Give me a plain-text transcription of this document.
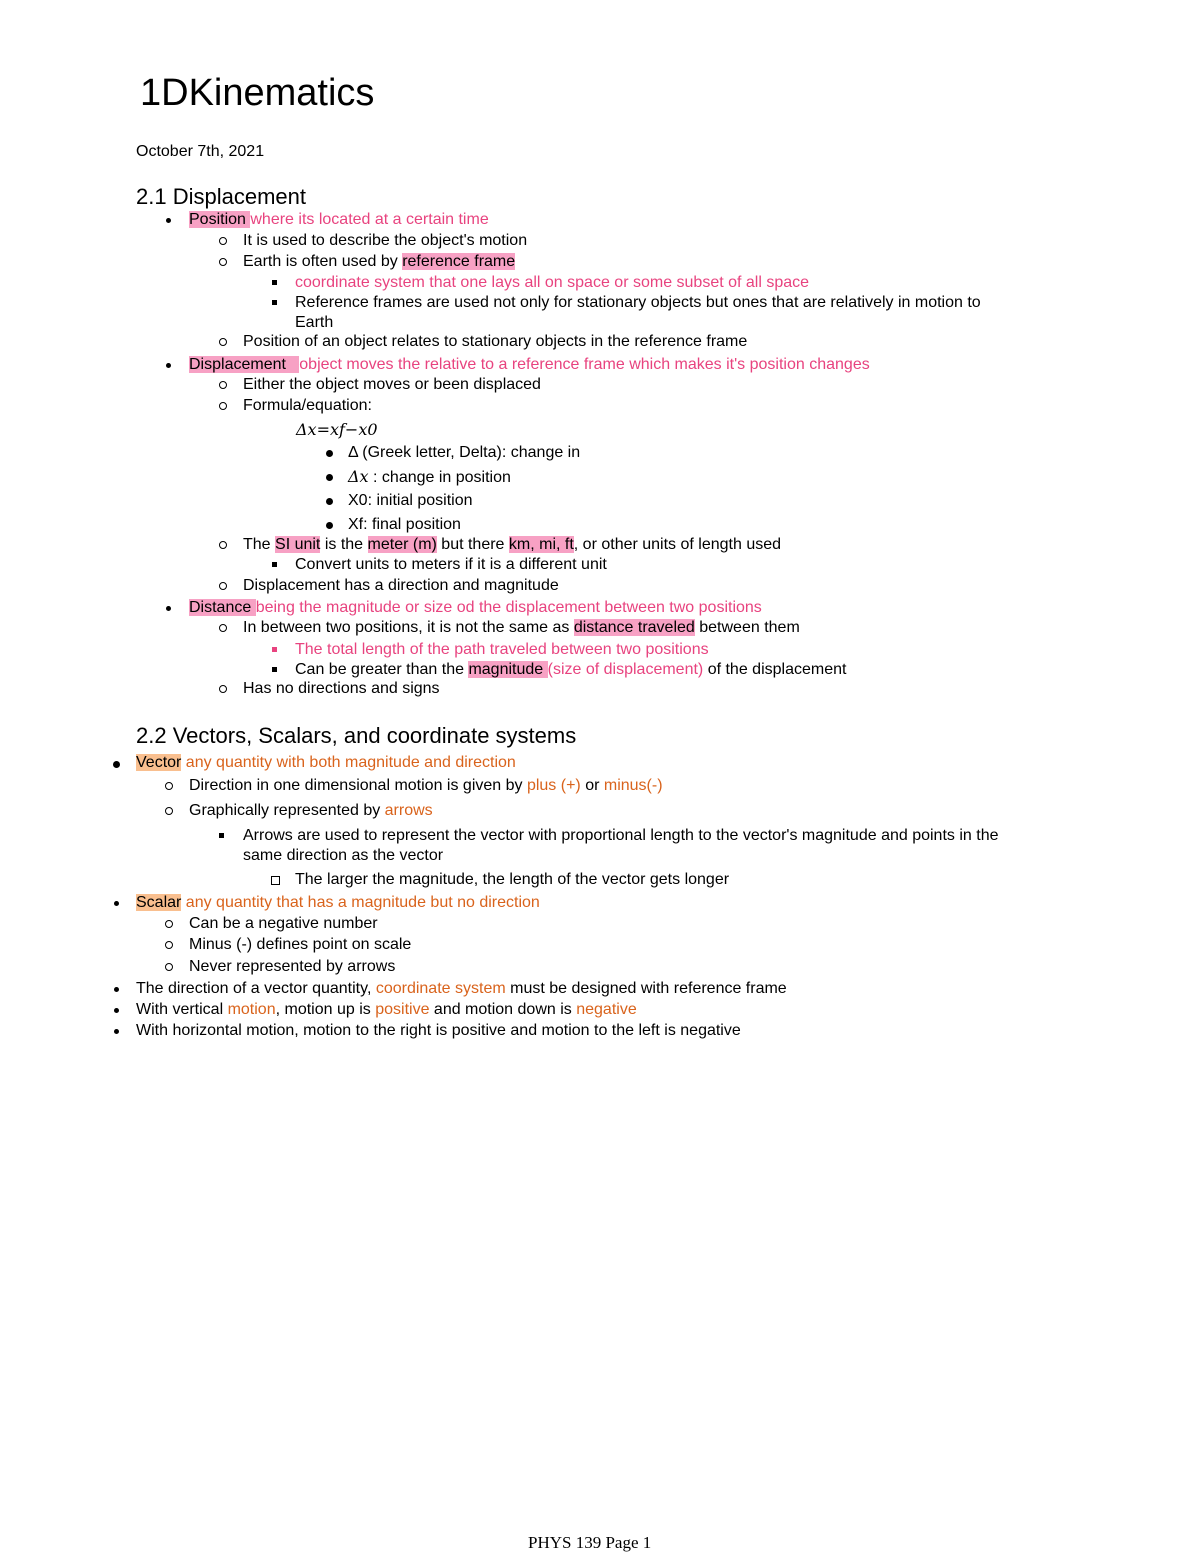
1DKinematics
October 7th, 2021
2.1 Displacement
Position where its located at a certain time
It is used to describe the object's motion
Earth is often used by reference frame
coordinate system that one lays all on space or some subset of all space
Reference frames are used not only for stationary objects but ones that are relatively in motion to
Earth
Position of an object relates to stationary objects in the reference frame
Displacement   object moves the relative to a reference frame which makes it's position changes
Either the object moves or been displaced
Formula/equation:
Δx=xf−x0
Δ (Greek letter, Delta): change in
Δx : change in position
X0: initial position
Xf: final position
The SI unit is the meter (m) but there km, mi, ft, or other units of length used
Convert units to meters if it is a different unit
Displacement has a direction and magnitude
Distance being the magnitude or size od the displacement between two positions
In between two positions, it is not the same as distance traveled between them
The total length of the path traveled between two positions
Can be greater than the magnitude (size of displacement) of the displacement
Has no directions and signs
2.2 Vectors, Scalars, and coordinate systems
Vector any quantity with both magnitude and direction
Direction in one dimensional motion is given by plus (+) or minus(-)
Graphically represented by arrows
Arrows are used to represent the vector with proportional length to the vector's magnitude and points in the
same direction as the vector
The larger the magnitude, the length of the vector gets longer
Scalar any quantity that has a magnitude but no direction
Can be a negative number
Minus (-) defines point on scale
Never represented by arrows
The direction of a vector quantity, coordinate system must be designed with reference frame
With vertical motion, motion up is positive and motion down is negative
With horizontal motion, motion to the right is positive and motion to the left is negative
PHYS 139 Page 1
